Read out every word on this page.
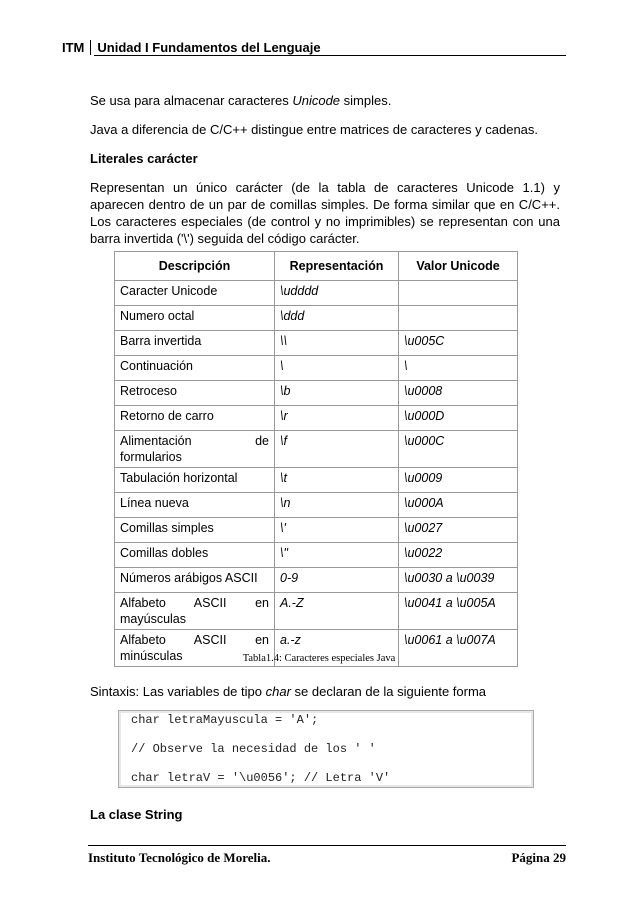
ITM Unidad I Fundamentos del Lenguaje

Se usa para almacenar caracteres Unicode simples.

Java a diferencia de C/C++ distingue entre matrices de caracteres y cadenas.

Literales carácter

Representan un único carácter (de la tabla de caracteres Unicode 1.1) y aparecen dentro de un par de comillas simples. De forma similar que en C/C++. Los caracteres especiales (de control y no imprimibles) se representan con una barra invertida ('\') seguida del código carácter.

Descripción	Representación	Valor Unicode
Caracter Unicode	\udddd	
Numero octal	\ddd	
Barra invertida	\\	\u005C
Continuación	\	\
Retroceso	\b	\u0008
Retorno de carro	\r	\u000D
Alimentación de formularios	\f	\u000C
Tabulación horizontal	\t	\u0009
Línea nueva	\n	\u000A
Comillas simples	\'	\u0027
Comillas dobles	\"	\u0022
Números arábigos ASCII	0-9	\u0030 a \u0039
Alfabeto ASCII en mayúsculas	A.-Z	\u0041 a \u005A
Alfabeto ASCII en minúsculas	a.-z	\u0061 a \u007A
Tabla1.4: Caracteres especiales Java

Sintaxis: Las variables de tipo char se declaran de la siguiente forma

char letraMayuscula = 'A';
// Observe la necesidad de los ' '
char letraV = '\u0056'; // Letra 'V'

La clase String

Instituto Tecnológico de Morelia.	Página 29
